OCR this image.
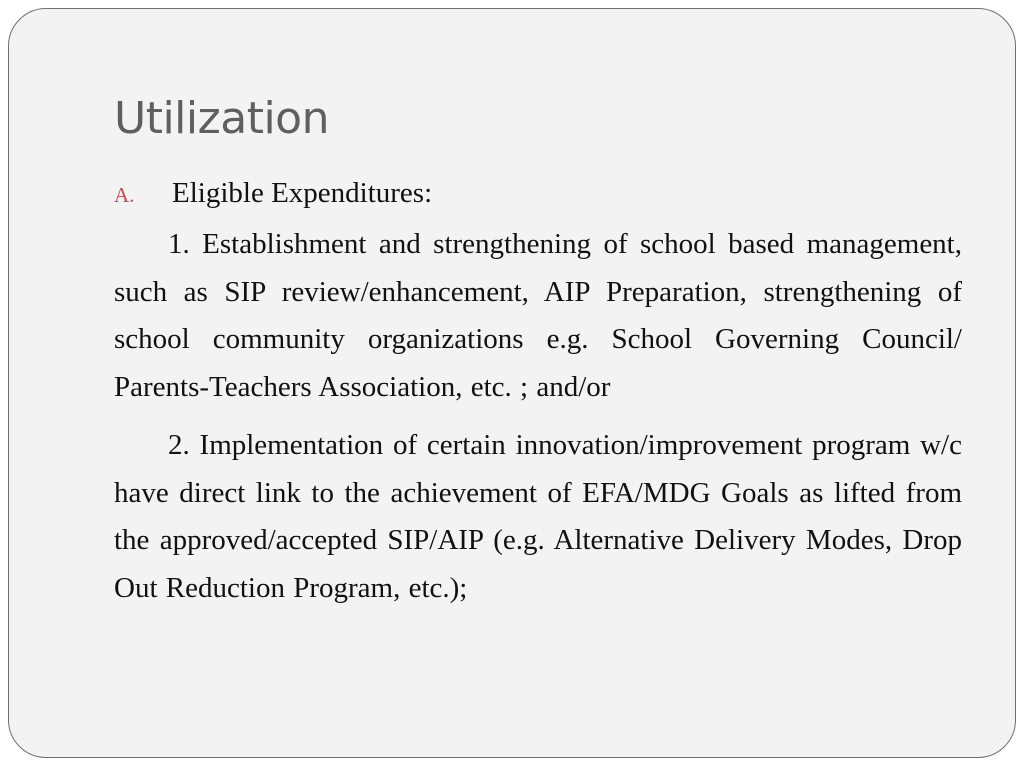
Utilization
A.	Eligible Expenditures:

1. Establishment and strengthening of school based management, such as SIP review/enhancement, AIP Preparation, strengthening of school community organizations e.g. School Governing Council/ Parents-Teachers Association, etc. ; and/or

2. Implementation of certain innovation/improvement program w/c have direct link to the achievement of EFA/MDG Goals as lifted from the approved/accepted SIP/AIP (e.g. Alternative Delivery Modes, Drop Out Reduction Program, etc.);
